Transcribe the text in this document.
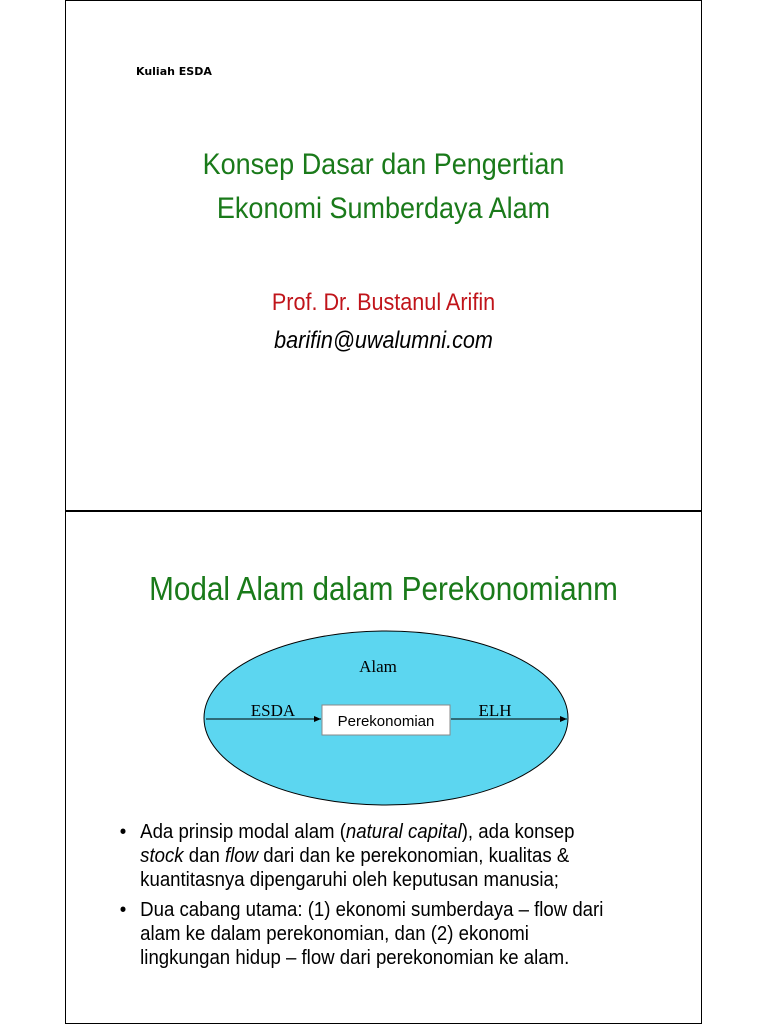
Kuliah ESDA
Konsep Dasar dan Pengertian
Ekonomi Sumberdaya Alam
Prof. Dr. Bustanul Arifin
barifin@uwalumni.com
Modal Alam dalam Perekonomianm
Alam
ESDA	ELH
Perekonomian
• Ada prinsip modal alam (natural capital), ada konsep stock dan flow dari dan ke perekonomian, kualitas & kuantitasnya dipengaruhi oleh keputusan manusia;
• Dua cabang utama: (1) ekonomi sumberdaya – flow dari alam ke dalam perekonomian, dan (2) ekonomi lingkungan hidup – flow dari perekonomian ke alam.
